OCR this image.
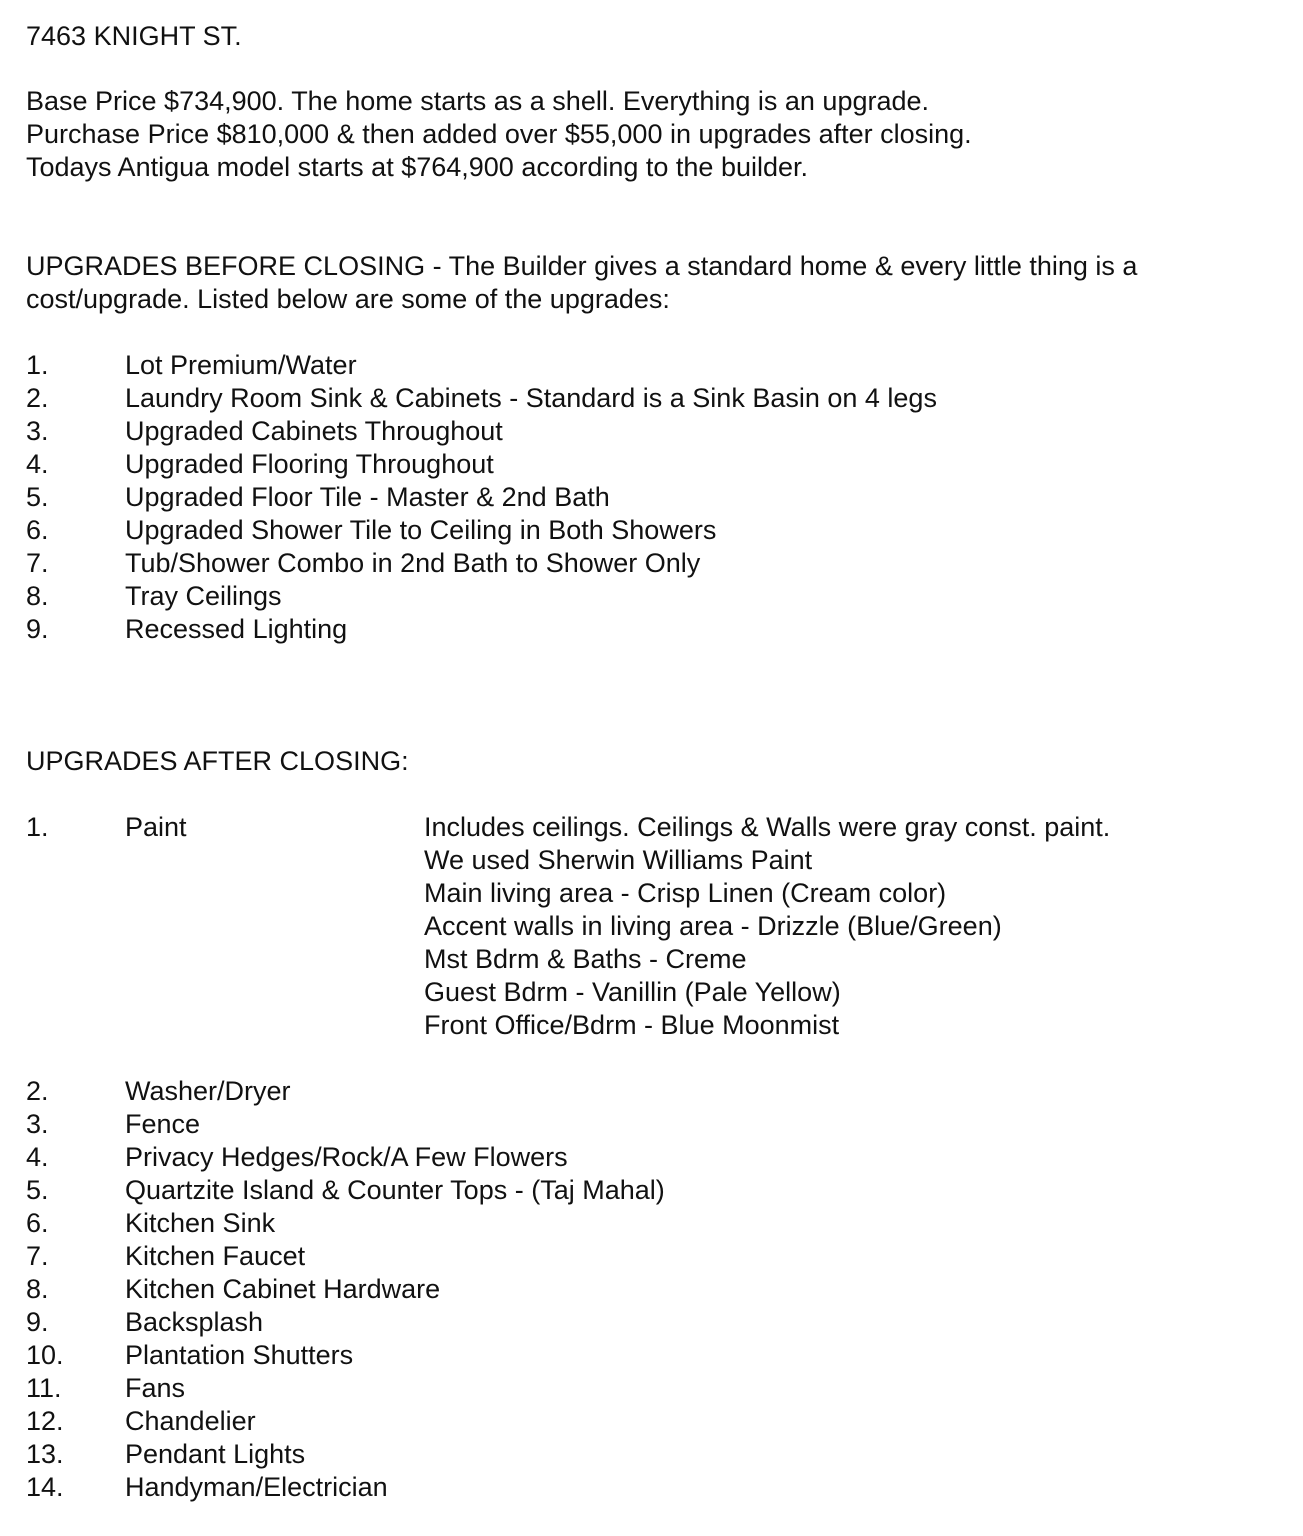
7463 KNIGHT ST.
Base Price $734,900. The home starts as a shell. Everything is an upgrade.
Purchase Price $810,000 & then added over $55,000 in upgrades after closing.
Todays Antigua model starts at $764,900 according to the builder.
UPGRADES BEFORE CLOSING - The Builder gives a standard home & every little thing is a cost/upgrade. Listed below are some of the upgrades:
1.	Lot Premium/Water
2.	Laundry Room Sink & Cabinets - Standard is a Sink Basin on 4 legs
3.	Upgraded Cabinets Throughout
4.	Upgraded Flooring Throughout
5.	Upgraded Floor Tile - Master & 2nd Bath
6.	Upgraded Shower Tile to Ceiling in Both Showers
7.	Tub/Shower Combo in 2nd Bath to Shower Only
8.	Tray Ceilings
9.	Recessed Lighting
UPGRADES AFTER CLOSING:
1.	Paint	Includes ceilings. Ceilings & Walls were gray const. paint.
We used Sherwin Williams Paint
Main living area - Crisp Linen (Cream color)
Accent walls in living area - Drizzle (Blue/Green)
Mst Bdrm & Baths - Creme
Guest Bdrm - Vanillin (Pale Yellow)
Front Office/Bdrm - Blue Moonmist
2.	Washer/Dryer
3.	Fence
4.	Privacy Hedges/Rock/A Few Flowers
5.	Quartzite Island & Counter Tops - (Taj Mahal)
6.	Kitchen Sink
7.	Kitchen Faucet
8.	Kitchen Cabinet Hardware
9.	Backsplash
10.	Plantation Shutters
11.	Fans
12.	Chandelier
13.	Pendant Lights
14.	Handyman/Electrician
